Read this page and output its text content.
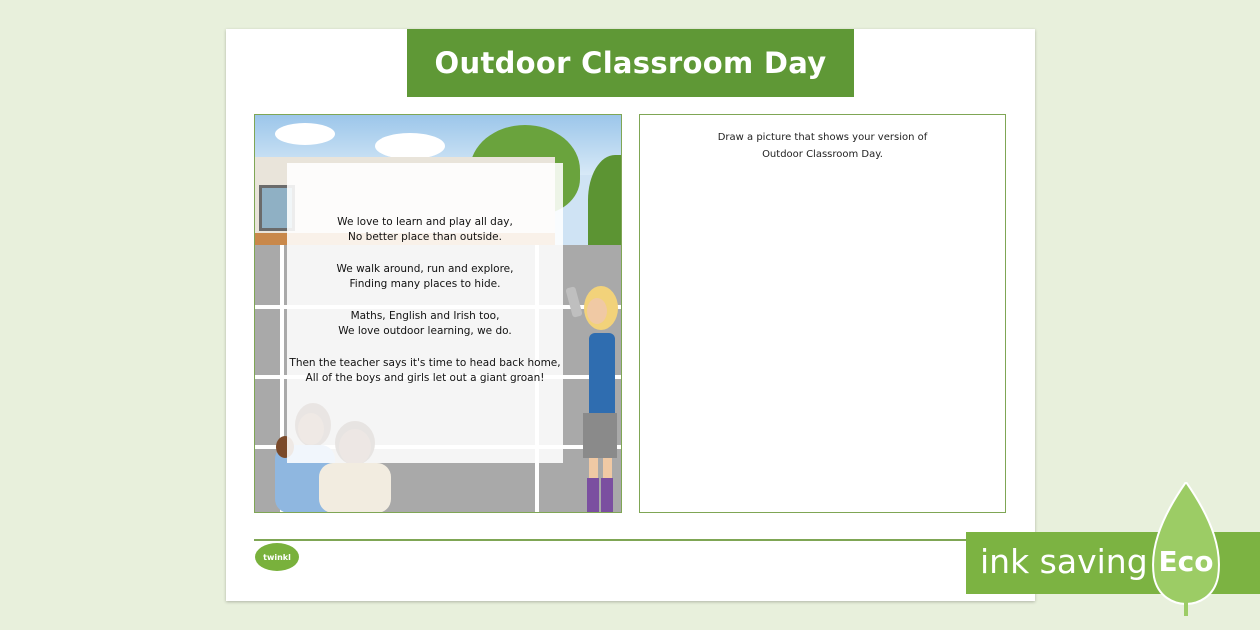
Outdoor Classroom Day
We love to learn and play all day,
No better place than outside.
We walk around, run and explore,
Finding many places to hide.
Maths, English and Irish too,
We love outdoor learning, we do.
Then the teacher says it's time to head back home,
All of the boys and girls let out a giant groan!
Draw a picture that shows your version of
Outdoor Classroom Day.
twinkl	ink saving Eco
